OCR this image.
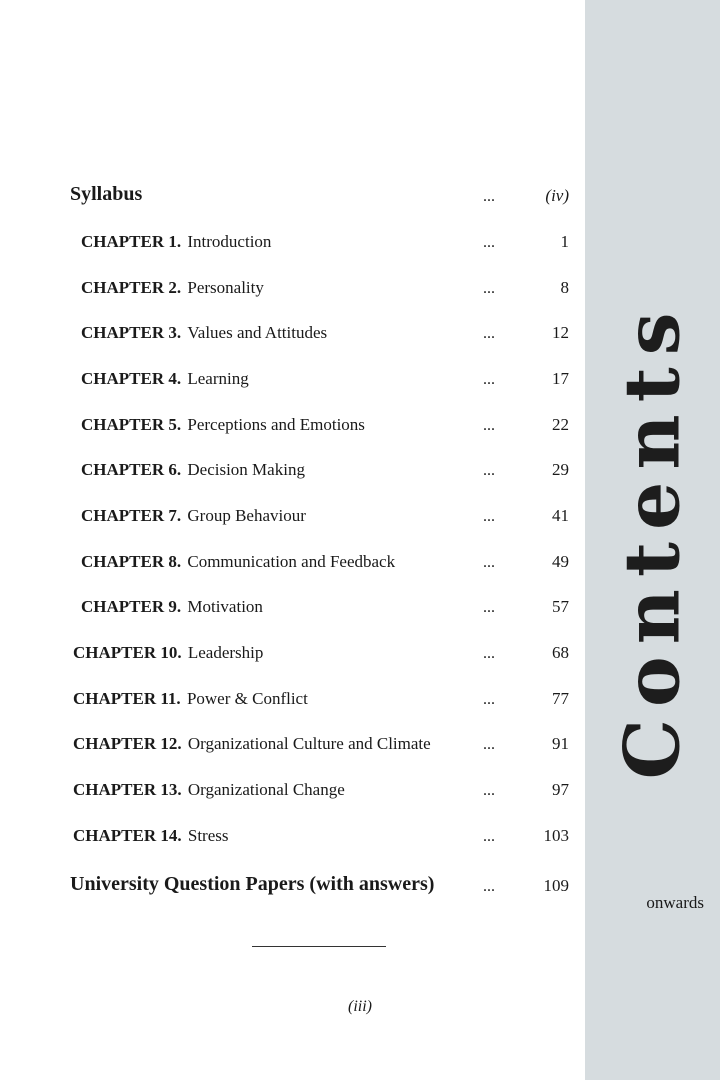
Contents
Syllabus	...	(iv)
CHAPTER 1. Introduction	...	1
CHAPTER 2. Personality	...	8
CHAPTER 3. Values and Attitudes	...	12
CHAPTER 4. Learning	...	17
CHAPTER 5. Perceptions and Emotions	...	22
CHAPTER 6. Decision Making	...	29
CHAPTER 7. Group Behaviour	...	41
CHAPTER 8. Communication and Feedback	...	49
CHAPTER 9. Motivation	...	57
CHAPTER 10. Leadership	...	68
CHAPTER 11. Power & Conflict	...	77
CHAPTER 12. Organizational Culture and Climate	...	91
CHAPTER 13. Organizational Change	...	97
CHAPTER 14. Stress	...	103
University Question Papers (with answers)	...	109
onwards
(iii)
